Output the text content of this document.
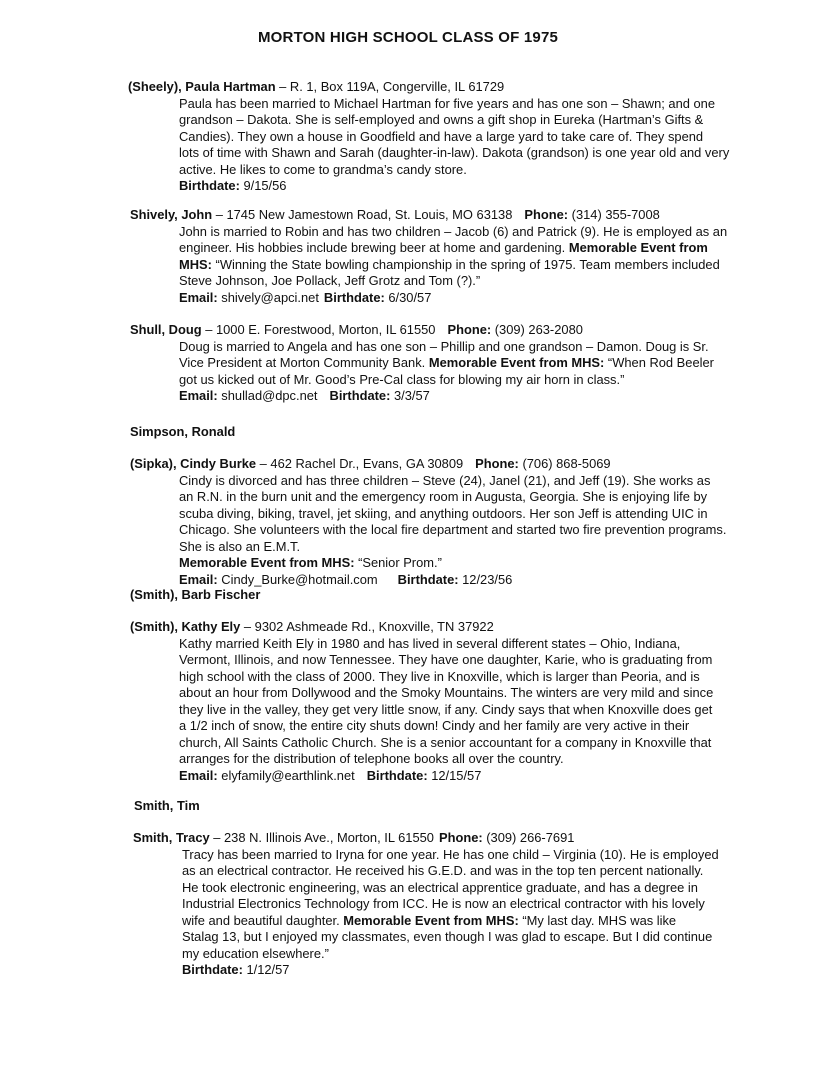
MORTON HIGH SCHOOL CLASS OF 1975

(Sheely), Paula Hartman – R. 1, Box 119A, Congerville, IL 61729

Paula has been married to Michael Hartman for five years and has one son – Shawn; and one
grandson – Dakota. She is self-employed and owns a gift shop in Eureka (Hartman’s Gifts &
Candies). They own a house in Goodfield and have a large yard to take care of. They spend
lots of time with Shawn and Sarah (daughter-in-law). Dakota (grandson) is one year old and very
active. He likes to come to grandma’s candy store.

Birthdate: 9/15/56

Shively, John – 1745 New Jamestown Road, St. Louis, MO 63138 Phone: (314) 355-7008

John is married to Robin and has two children – Jacob (6) and Patrick (9). He is employed as an
engineer. His hobbies include brewing beer at home and gardening. Memorable Event from
MHS: “Winning the State bowling championship in the spring of 1975. Team members included
Steve Johnson, Joe Pollack, Jeff Grotz and Tom (?).”

Email: shively@apci.net Birthdate: 6/30/57

Shull, Doug – 1000 E. Forestwood, Morton, IL 61550 Phone: (309) 263-2080

Doug is married to Angela and has one son – Phillip and one grandson – Damon. Doug is Sr.
Vice President at Morton Community Bank. Memorable Event from MHS: “When Rod Beeler
got us kicked out of Mr. Good’s Pre-Cal class for blowing my air horn in class.”

Email: shullad@dpc.net Birthdate: 3/3/57

Simpson, Ronald

(Sipka), Cindy Burke – 462 Rachel Dr., Evans, GA 30809 Phone: (706) 868-5069

Cindy is divorced and has three children – Steve (24), Janel (21), and Jeff (19). She works as
an R.N. in the burn unit and the emergency room in Augusta, Georgia. She is enjoying life by
scuba diving, biking, travel, jet skiing, and anything outdoors. Her son Jeff is attending UIC in
Chicago. She volunteers with the local fire department and started two fire prevention programs.
She is also an E.M.T.
Memorable Event from MHS: “Senior Prom.”

Email: Cindy_Burke@hotmail.com Birthdate: 12/23/56

(Smith), Barb Fischer

(Smith), Kathy Ely – 9302 Ashmeade Rd., Knoxville, TN 37922

Kathy married Keith Ely in 1980 and has lived in several different states – Ohio, Indiana,
Vermont, Illinois, and now Tennessee. They have one daughter, Karie, who is graduating from
high school with the class of 2000. They live in Knoxville, which is larger than Peoria, and is
about an hour from Dollywood and the Smoky Mountains. The winters are very mild and since
they live in the valley, they get very little snow, if any. Cindy says that when Knoxville does get
a 1/2 inch of snow, the entire city shuts down! Cindy and her family are very active in their
church, All Saints Catholic Church. She is a senior accountant for a company in Knoxville that
arranges for the distribution of telephone books all over the country.

Email: elyfamily@earthlink.net Birthdate: 12/15/57

Smith, Tim

Smith, Tracy – 238 N. Illinois Ave., Morton, IL 61550 Phone: (309) 266-7691

Tracy has been married to Iryna for one year. He has one child – Virginia (10). He is employed
as an electrical contractor. He received his G.E.D. and was in the top ten percent nationally.
He took electronic engineering, was an electrical apprentice graduate, and has a degree in
Industrial Electronics Technology from ICC. He is now an electrical contractor with his lovely
wife and beautiful daughter. Memorable Event from MHS: “My last day. MHS was like
Stalag 13, but I enjoyed my classmates, even though I was glad to escape. But I did continue
my education elsewhere.”

Birthdate: 1/12/57
